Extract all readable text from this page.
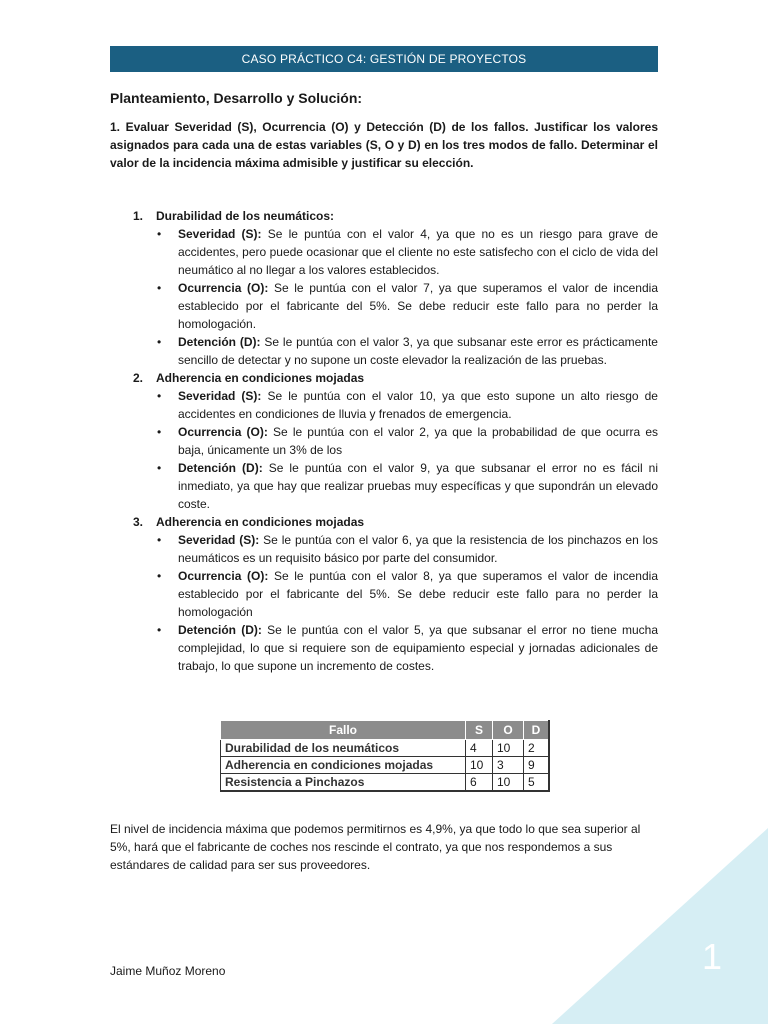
CASO PRÁCTICO C4: GESTIÓN DE PROYECTOS
Planteamiento, Desarrollo y Solución:
1. Evaluar Severidad (S), Ocurrencia (O) y Detección (D) de los fallos. Justificar los valores asignados para cada una de estas variables (S, O y D) en los tres modos de fallo. Determinar el valor de la incidencia máxima admisible y justificar su elección.
1. Durabilidad de los neumáticos:
• Severidad (S): Se le puntúa con el valor 4, ya que no es un riesgo para grave de accidentes, pero puede ocasionar que el cliente no este satisfecho con el ciclo de vida del neumático al no llegar a los valores establecidos.
• Ocurrencia (O): Se le puntúa con el valor 7, ya que superamos el valor de incendia establecido por el fabricante del 5%. Se debe reducir este fallo para no perder la homologación.
• Detención (D): Se le puntúa con el valor 3, ya que subsanar este error es prácticamente sencillo de detectar y no supone un coste elevador la realización de las pruebas.
2. Adherencia en condiciones mojadas
• Severidad (S): Se le puntúa con el valor 10, ya que esto supone un alto riesgo de accidentes en condiciones de lluvia y frenados de emergencia.
• Ocurrencia (O): Se le puntúa con el valor 2, ya que la probabilidad de que ocurra es baja, únicamente un 3% de los
• Detención (D): Se le puntúa con el valor 9, ya que subsanar el error no es fácil ni inmediato, ya que hay que realizar pruebas muy específicas y que supondrán un elevado coste.
3. Adherencia en condiciones mojadas
• Severidad (S): Se le puntúa con el valor 6, ya que la resistencia de los pinchazos en los neumáticos es un requisito básico por parte del consumidor.
• Ocurrencia (O): Se le puntúa con el valor 8, ya que superamos el valor de incendia establecido por el fabricante del 5%. Se debe reducir este fallo para no perder la homologación
• Detención (D): Se le puntúa con el valor 5, ya que subsanar el error no tiene mucha complejidad, lo que si requiere son de equipamiento especial y jornadas adicionales de trabajo, lo que supone un incremento de costes.
Fallo	S	O	D
Durabilidad de los neumáticos	4	10	2
Adherencia en condiciones mojadas	10	3	9
Resistencia a Pinchazos	6	10	5
El nivel de incidencia máxima que podemos permitirnos es 4,9%, ya que todo lo que sea superior al 5%, hará que el fabricante de coches nos rescinde el contrato, ya que nos respondemos a sus estándares de calidad para ser sus proveedores.
Jaime Muñoz Moreno	1
